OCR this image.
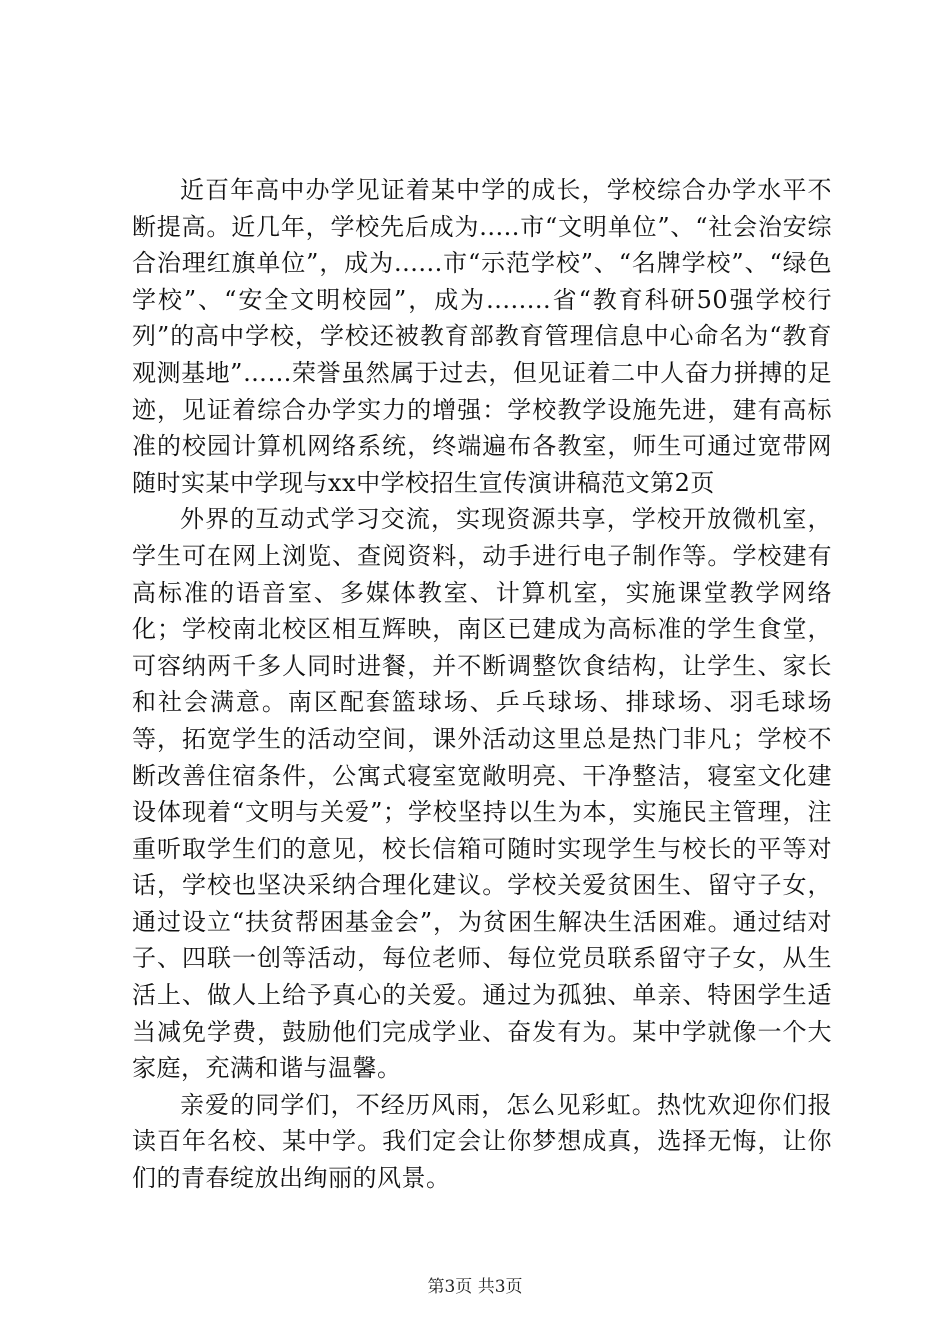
近百年高中办学见证着某中学的成长，学校综合办学水平不断提高。近几年，学校先后成为.....市“文明单位”、“社会治安综合治理红旗单位”，成为......市“示范学校”、“名牌学校”、“绿色学校”、“安全文明校园”，成为........省“教育科研50强学校行列”的高中学校，学校还被教育部教育管理信息中心命名为“教育观测基地”……荣誉虽然属于过去，但见证着二中人奋力拼搏的足迹，见证着综合办学实力的增强：学校教学设施先进，建有高标准的校园计算机网络系统，终端遍布各教室，师生可通过宽带网随时实某中学现与xx中学校招生宣传演讲稿范文第2页

外界的互动式学习交流，实现资源共享，学校开放微机室，学生可在网上浏览、查阅资料，动手进行电子制作等。学校建有高标准的语音室、多媒体教室、计算机室，实施课堂教学网络化；学校南北校区相互辉映，南区已建成为高标准的学生食堂，可容纳两千多人同时进餐，并不断调整饮食结构，让学生、家长和社会满意。南区配套篮球场、乒乓球场、排球场、羽毛球场等，拓宽学生的活动空间，课外活动这里总是热门非凡；学校不断改善住宿条件，公寓式寝室宽敞明亮、干净整洁，寝室文化建设体现着“文明与关爱”；学校坚持以生为本，实施民主管理，注重听取学生们的意见，校长信箱可随时实现学生与校长的平等对话，学校也坚决采纳合理化建议。学校关爱贫困生、留守子女，通过设立“扶贫帮困基金会”，为贫困生解决生活困难。通过结对子、四联一创等活动，每位老师、每位党员联系留守子女，从生活上、做人上给予真心的关爱。通过为孤独、单亲、特困学生适当减免学费，鼓励他们完成学业、奋发有为。某中学就像一个大家庭，充满和谐与温馨。

亲爱的同学们，不经历风雨，怎么见彩虹。热忱欢迎你们报读百年名校、某中学。我们定会让你梦想成真，选择无悔，让你们的青春绽放出绚丽的风景。

第3页 共3页
